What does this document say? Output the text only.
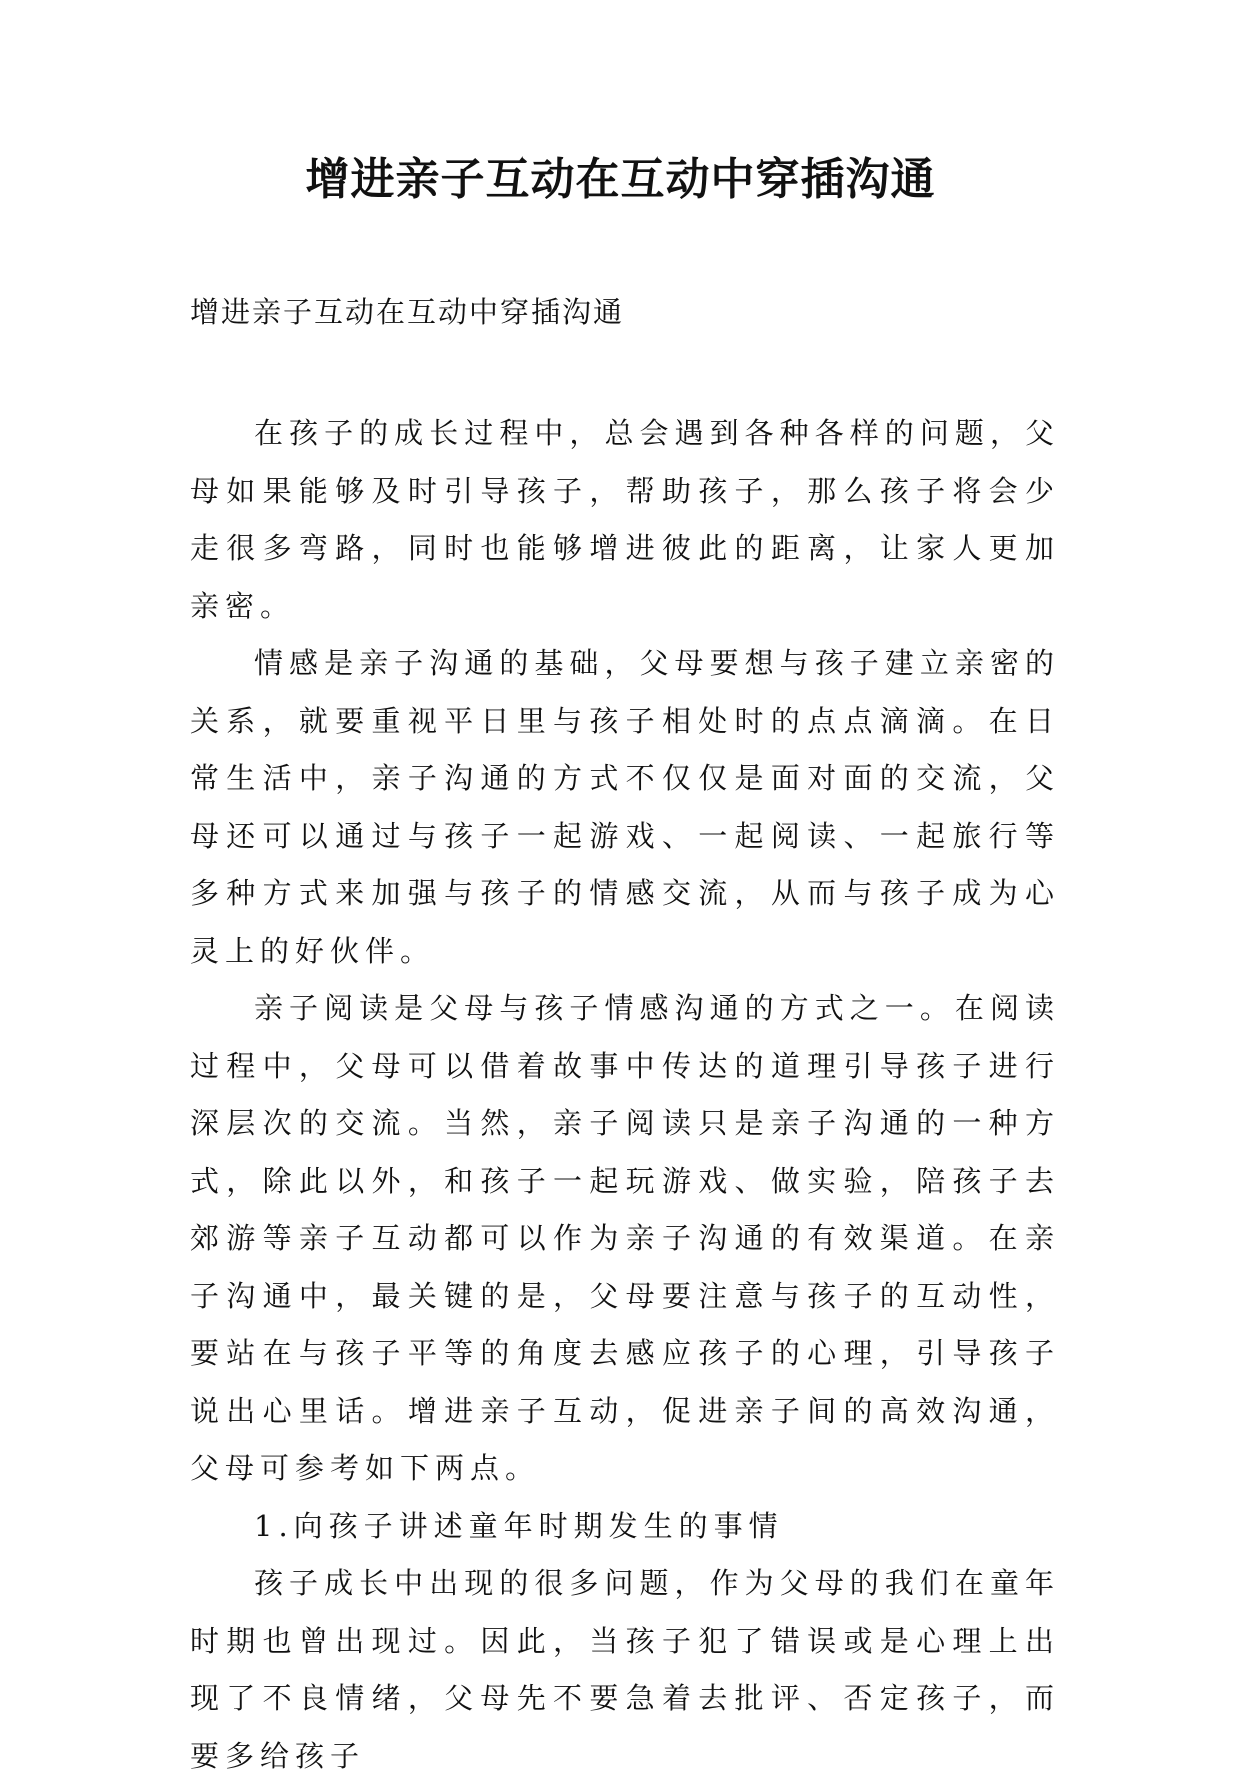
增进亲子互动在互动中穿插沟通
增进亲子互动在互动中穿插沟通

在孩子的成长过程中，总会遇到各种各样的问题，父母如果能够及时引导孩子，帮助孩子，那么孩子将会少走很多弯路，同时也能够增进彼此的距离，让家人更加亲密。

情感是亲子沟通的基础，父母要想与孩子建立亲密的关系，就要重视平日里与孩子相处时的点点滴滴。在日常生活中，亲子沟通的方式不仅仅是面对面的交流，父母还可以通过与孩子一起游戏、一起阅读、一起旅行等多种方式来加强与孩子的情感交流，从而与孩子成为心灵上的好伙伴。

亲子阅读是父母与孩子情感沟通的方式之一。在阅读过程中，父母可以借着故事中传达的道理引导孩子进行深层次的交流。当然，亲子阅读只是亲子沟通的一种方式，除此以外，和孩子一起玩游戏、做实验，陪孩子去郊游等亲子互动都可以作为亲子沟通的有效渠道。在亲子沟通中，最关键的是，父母要注意与孩子的互动性，要站在与孩子平等的角度去感应孩子的心理，引导孩子说出心里话。增进亲子互动，促进亲子间的高效沟通，父母可参考如下两点。

1.向孩子讲述童年时期发生的事情

孩子成长中出现的很多问题，作为父母的我们在童年时期也曾出现过。因此，当孩子犯了错误或是心理上出现了不良情绪，父母先不要急着去批评、否定孩子，而要多给孩子
